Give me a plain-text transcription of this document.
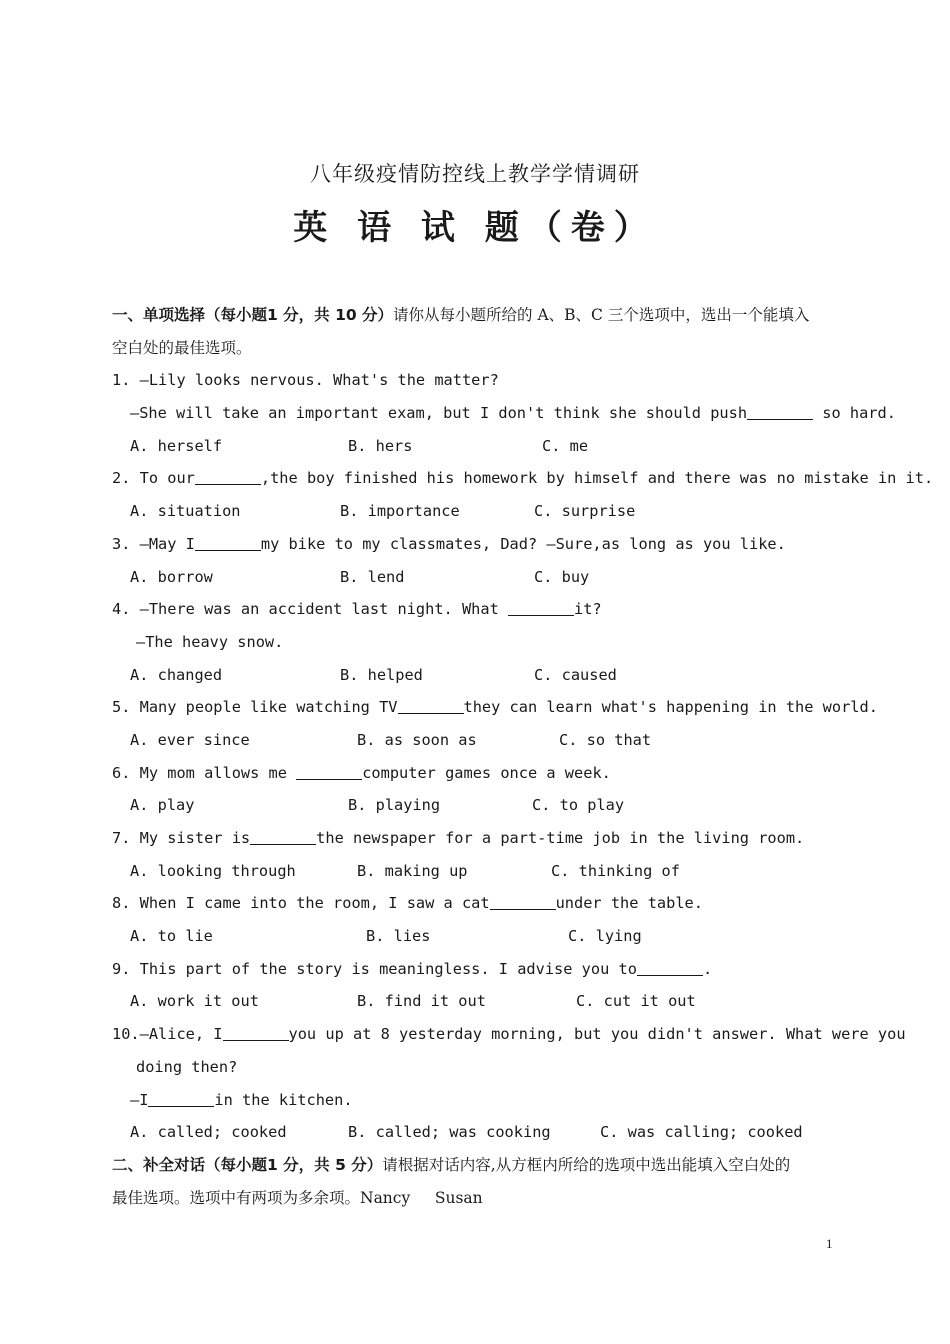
八年级疫情防控线上教学学情调研
英 语 试 题（卷）
一、单项选择（每小题1 分，共 10 分）请你从每小题所给的 A、B、C 三个选项中，选出一个能填入
空白处的最佳选项。
1. —Lily looks nervous. What's the matter?
—She will take an important exam, but I don't think she should push	so hard.
A. herself	B. hers	C. me
2. To our	,the boy finished his homework by himself and there was no mistake in it.
A. situation	B. importance	C. surprise
3. —May I	my bike to my classmates, Dad? —Sure,as long as you like.
A. borrow	B. lend	C. buy
4. —There was an accident last night. What	it?
—The heavy snow.
A. changed	B. helped	C. caused
5. Many people like watching TV	they can learn what's happening in the world.
A. ever since	B. as soon as	C. so that
6. My mom allows me	computer games once a week.
A. play	B. playing	C. to play
7. My sister is	the newspaper for a part-time job in the living room.
A. looking through	B. making up	C. thinking of
8. When I came into the room, I saw a cat	under the table.
A. to lie	B. lies	C. lying
9. This part of the story is meaningless. I advise you to	.
A. work it out	B. find it out	C. cut it out
10.—Alice, I	you up at 8 yesterday morning, but you didn't answer. What were you
doing then?
—I	in the kitchen.
A. called; cooked	B. called; was cooking	C. was calling; cooked
二、补全对话（每小题1 分，共 5 分）请根据对话内容,从方框内所给的选项中选出能填入空白处的
最佳选项。选项中有两项为多余项。Nancy     Susan
1
